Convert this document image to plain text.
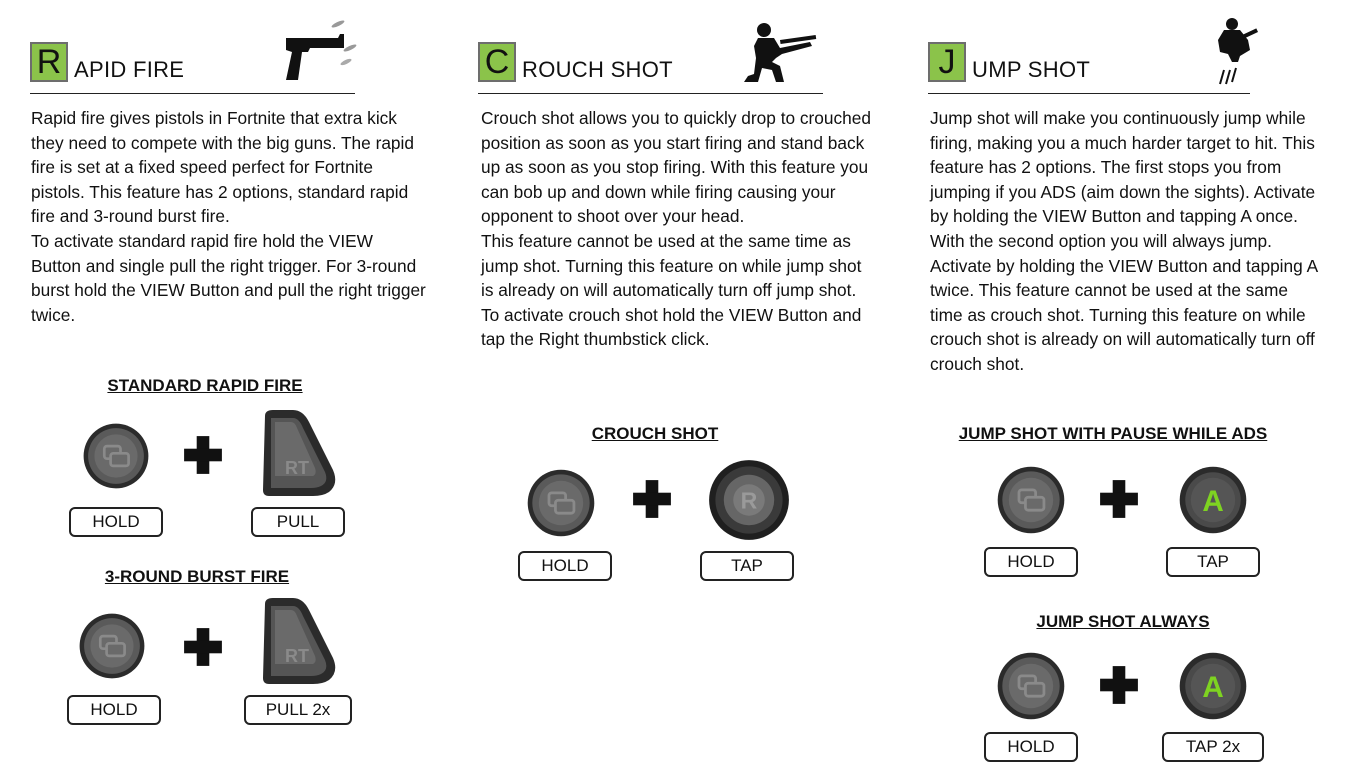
R APID FIRE

Rapid fire gives pistols in Fortnite that extra kick they need to compete with the big guns. The rapid fire is set at a fixed speed perfect for Fortnite pistols. This feature has 2 options, standard rapid fire and 3-round burst fire.

To activate standard rapid fire hold the VIEW Button and single pull the right trigger. For 3-round burst hold the VIEW Button and pull the right trigger twice.

STANDARD RAPID FIRE
HOLD	PULL
3-ROUND BURST FIRE
HOLD	PULL 2x
C ROUCH SHOT

Crouch shot allows you to quickly drop to crouched position as soon as you start firing and stand back up as soon as you stop firing. With this feature you can bob up and down while firing causing your opponent to shoot over your head.

This feature cannot be used at the same time as jump shot. Turning this feature on while jump shot is already on will automatically turn off jump shot.

To activate crouch shot hold the VIEW Button and tap the Right thumbstick click.

CROUCH SHOT
HOLD	TAP
J UMP SHOT

Jump shot will make you continuously jump while firing, making you a much harder target to hit. This feature has 2 options. The first stops you from jumping if you ADS (aim down the sights). Activate by holding the VIEW Button and tapping A once. With the second option you will always jump. Activate by holding the VIEW Button and tapping A twice. This feature cannot be used at the same time as crouch shot. Turning this feature on while crouch shot is already on will automatically turn off crouch shot.

JUMP SHOT WITH PAUSE WHILE ADS
HOLD	TAP
JUMP SHOT ALWAYS
HOLD	TAP 2x
